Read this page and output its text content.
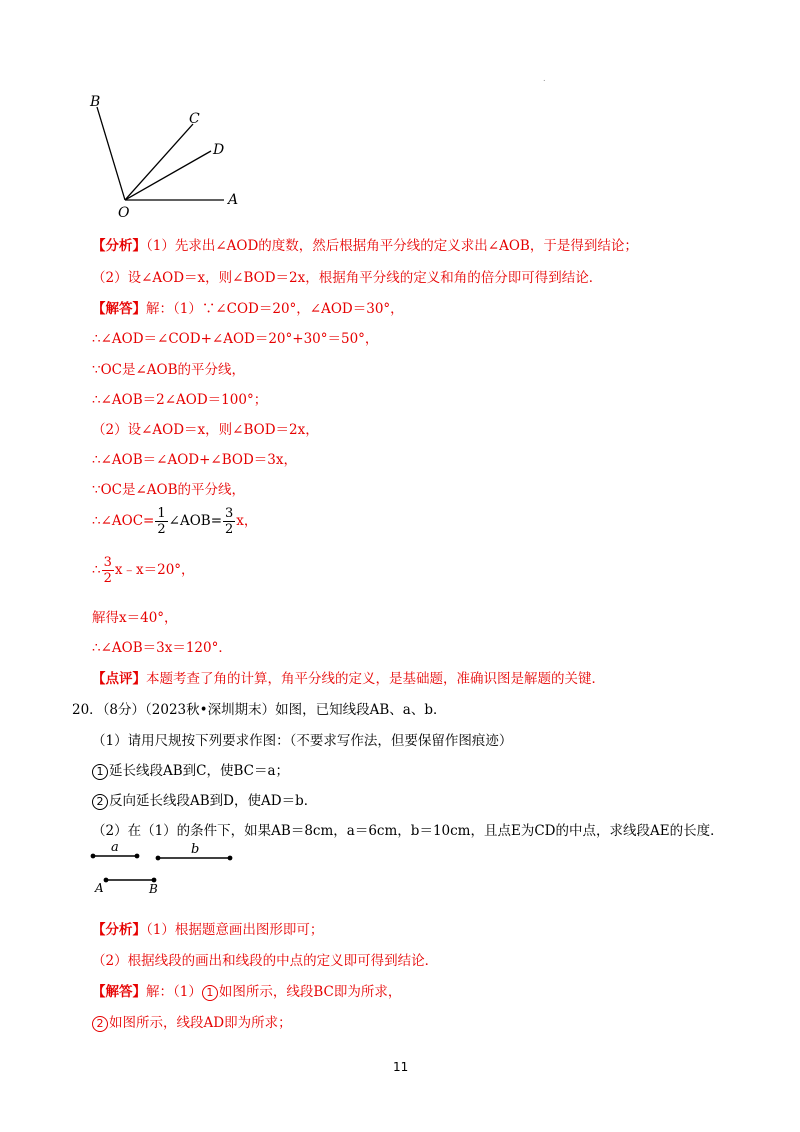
.
B
C
D
O
A
【分析】（1）先求出∠AOD的度数，然后根据角平分线的定义求出∠AOB，于是得到结论；
（2）设∠AOD＝x，则∠BOD＝2x，根据角平分线的定义和角的倍分即可得到结论．
【解答】解：（1）∵∠COD＝20°，∠AOD＝30°，
∴∠AOD＝∠COD+∠AOD＝20°+30°＝50°，
∵OC是∠AOB的平分线，
∴∠AOB＝2∠AOD＝100°；
（2）设∠AOD＝x，则∠BOD＝2x，
∴∠AOB＝∠AOD+∠BOD＝3x，
∵OC是∠AOB的平分线，
∴∠AOC= $\frac{1}{2}$ ∠AOB= $\frac{3}{2}$ x，
∴ $\frac{3}{2}$ x﹣x＝20°，
解得x＝40°，
∴∠AOB＝3x＝120°．
【点评】本题考查了角的计算，角平分线的定义，是基础题，准确识图是解题的关键．
20．（8分）（2023秋•深圳期末）如图，已知线段AB、a、b．
（1）请用尺规按下列要求作图：（不要求写作法，但要保留作图痕迹）
1 延长线段AB到C，使BC＝a；
2 反向延长线段AB到D，使AD＝b．
（2）在（1）的条件下，如果AB＝8cm，a＝6cm，b＝10cm，且点E为CD的中点，求线段AE的长度．
a	b
A	B
【分析】（1）根据题意画出图形即可；
（2）根据线段的画出和线段的中点的定义即可得到结论．
【解答】解：（1） 1 如图所示，线段BC即为所求，
2 如图所示，线段AD即为所求；
11
